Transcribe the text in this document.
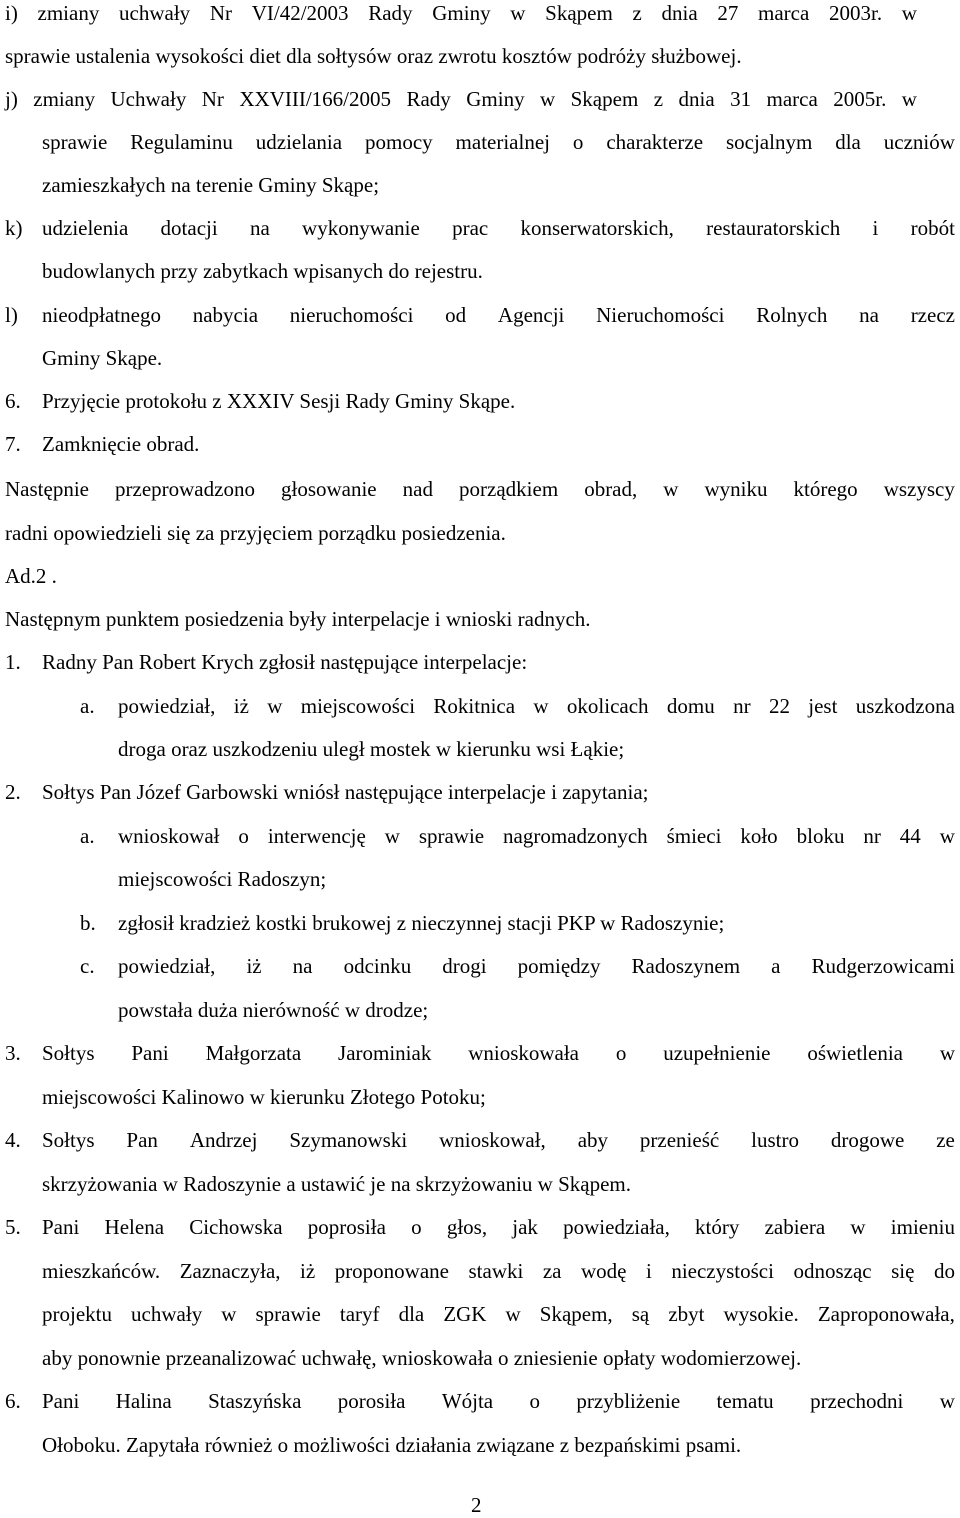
i) zmiany uchwały Nr VI/42/2003 Rady Gminy w Skąpem z dnia 27 marca 2003r. w
sprawie ustalenia wysokości diet dla sołtysów oraz zwrotu kosztów podróży służbowej.
j) zmiany Uchwały Nr XXVIII/166/2005 Rady Gminy w Skąpem z dnia 31 marca 2005r. w
sprawie Regulaminu udzielania pomocy materialnej o charakterze socjalnym dla uczniów
zamieszkałych na terenie Gminy Skąpe;
k) udzielenia dotacji na wykonywanie prac konserwatorskich, restauratorskich i robót
budowlanych przy zabytkach wpisanych do rejestru.
l) nieodpłatnego nabycia nieruchomości od Agencji Nieruchomości Rolnych na rzecz
Gminy Skąpe.
6. Przyjęcie protokołu z XXXIV Sesji Rady Gminy Skąpe.
7. Zamknięcie obrad.
Następnie przeprowadzono głosowanie nad porządkiem obrad, w wyniku którego wszyscy
radni opowiedzieli się za przyjęciem porządku posiedzenia.
Ad.2 .
Następnym punktem posiedzenia były interpelacje i wnioski radnych.
1. Radny Pan Robert Krych zgłosił następujące interpelacje:
a. powiedział, iż w miejscowości Rokitnica w okolicach domu nr 22 jest uszkodzona
droga oraz uszkodzeniu uległ mostek w kierunku wsi Łąkie;
2. Sołtys Pan Józef Garbowski wniósł następujące interpelacje i zapytania;
a. wnioskował o interwencję w sprawie nagromadzonych śmieci koło bloku nr 44 w
miejscowości Radoszyn;
b. zgłosił kradzież kostki brukowej z nieczynnej stacji PKP w Radoszynie;
c. powiedział, iż na odcinku drogi pomiędzy Radoszynem a Rudgerzowicami
powstała duża nierówność w drodze;
3. Sołtys Pani Małgorzata Jarominiak wnioskowała o uzupełnienie oświetlenia w
miejscowości Kalinowo w kierunku Złotego Potoku;
4. Sołtys Pan Andrzej Szymanowski wnioskował, aby przenieść lustro drogowe ze
skrzyżowania w Radoszynie a ustawić je na skrzyżowaniu w Skąpem.
5. Pani Helena Cichowska poprosiła o głos, jak powiedziała, który zabiera w imieniu
mieszkańców. Zaznaczyła, iż proponowane stawki za wodę i nieczystości odnosząc się do
projektu uchwały w sprawie taryf dla ZGK w Skąpem, są zbyt wysokie. Zaproponowała,
aby ponownie przeanalizować uchwałę, wnioskowała o zniesienie opłaty wodomierzowej.
6. Pani Halina Staszyńska porosiła Wójta o przybliżenie tematu przechodni w
Ołoboku. Zapytała również o możliwości działania związane z bezpańskimi psami.
2
